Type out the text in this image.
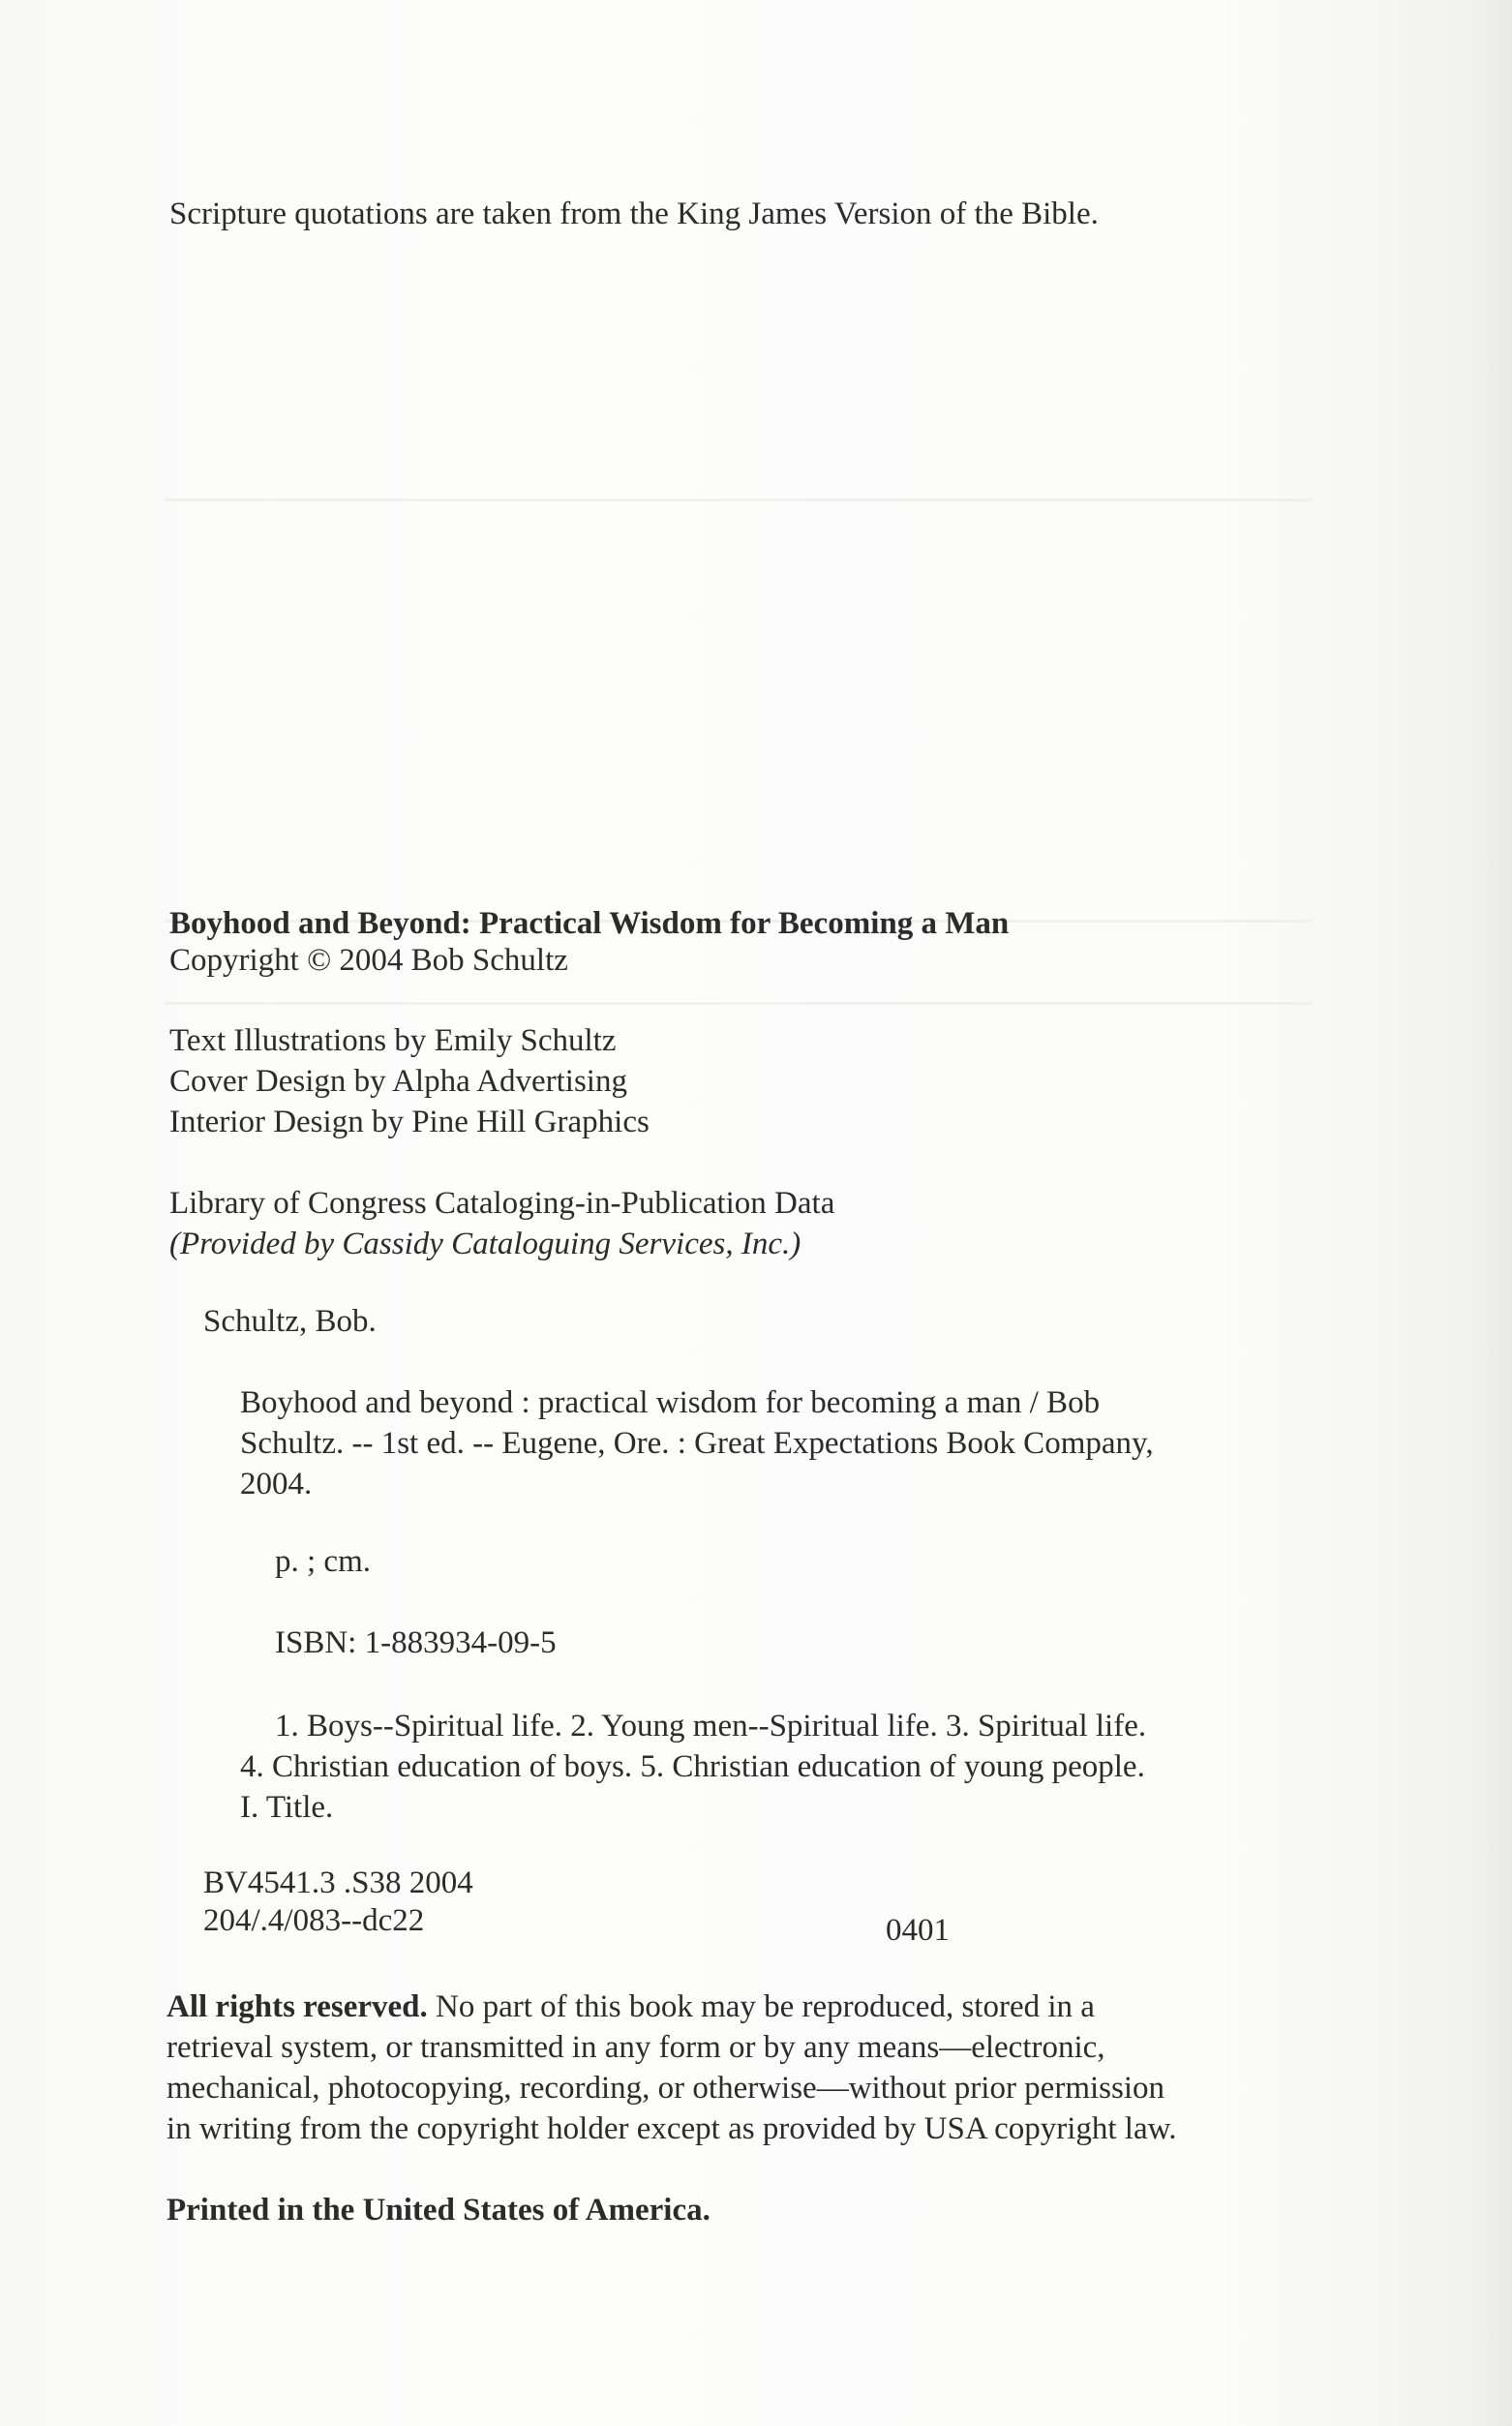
Scripture quotations are taken from the King James Version of the Bible.

Boyhood and Beyond: Practical Wisdom for Becoming a Man

Copyright © 2004 Bob Schultz

Text Illustrations by Emily Schultz

Cover Design by Alpha Advertising

Interior Design by Pine Hill Graphics

Library of Congress Cataloging-in-Publication Data

(Provided by Cassidy Cataloguing Services, Inc.)

Schultz, Bob.

Boyhood and beyond : practical wisdom for becoming a man / Bob

Schultz. -- 1st ed. -- Eugene, Ore. : Great Expectations Book Company,

2004.

p. ; cm.

ISBN: 1-883934-09-5

1. Boys--Spiritual life. 2. Young men--Spiritual life. 3. Spiritual life.

4. Christian education of boys. 5. Christian education of young people.

I. Title.

BV4541.3 .S38 2004

204/.4/083--dc22	0401

All rights reserved. No part of this book may be reproduced, stored in a

retrieval system, or transmitted in any form or by any means—electronic,

mechanical, photocopying, recording, or otherwise—without prior permission

in writing from the copyright holder except as provided by USA copyright law.

Printed in the United States of America.
